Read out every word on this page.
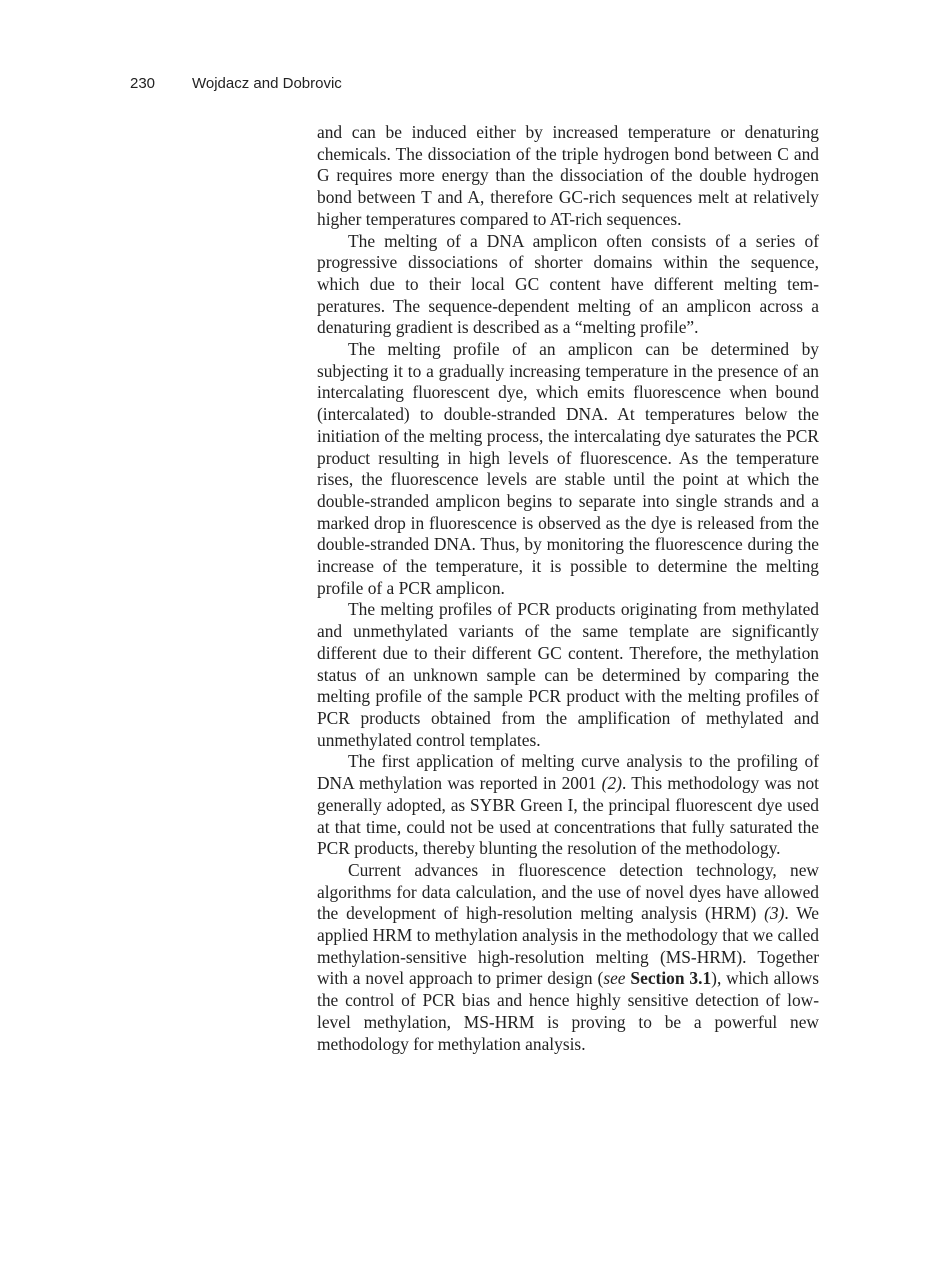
230 Wojdacz and Dobrovic

and can be induced either by increased temperature or denaturing chemicals. The dissociation of the triple hydrogen bond between C and G requires more energy than the dissociation of the double hydrogen bond between T and A, therefore GC-rich sequences melt at relatively higher temperatures compared to AT-rich sequences.

The melting of a DNA amplicon often consists of a series of progressive dissociations of shorter domains within the sequence, which due to their local GC content have different melting temperatures. The sequence-dependent melting of an amplicon across a denaturing gradient is described as a “melting profile”.

The melting profile of an amplicon can be determined by subjecting it to a gradually increasing temperature in the presence of an intercalating fluorescent dye, which emits fluorescence when bound (intercalated) to double-stranded DNA. At temperatures below the initiation of the melting process, the intercalating dye saturates the PCR product resulting in high levels of fluorescence. As the temperature rises, the fluorescence levels are stable until the point at which the double-stranded amplicon begins to separate into single strands and a marked drop in fluorescence is observed as the dye is released from the double-stranded DNA. Thus, by monitoring the fluorescence during the increase of the temperature, it is possible to determine the melting profile of a PCR amplicon.

The melting profiles of PCR products originating from methylated and unmethylated variants of the same template are significantly different due to their different GC content. Therefore, the methylation status of an unknown sample can be determined by comparing the melting profile of the sample PCR product with the melting profiles of PCR products obtained from the amplification of methylated and unmethylated control templates.

The first application of melting curve analysis to the profiling of DNA methylation was reported in 2001 (2). This methodology was not generally adopted, as SYBR Green I, the principal fluorescent dye used at that time, could not be used at concentrations that fully saturated the PCR products, thereby blunting the resolution of the methodology.

Current advances in fluorescence detection technology, new algorithms for data calculation, and the use of novel dyes have allowed the development of high-resolution melting analysis (HRM) (3). We applied HRM to methylation analysis in the methodology that we called methylation-sensitive high-resolution melting (MS-HRM). Together with a novel approach to primer design (see Section 3.1), which allows the control of PCR bias and hence highly sensitive detection of low-level methylation, MS-HRM is proving to be a powerful new methodology for methylation analysis.
